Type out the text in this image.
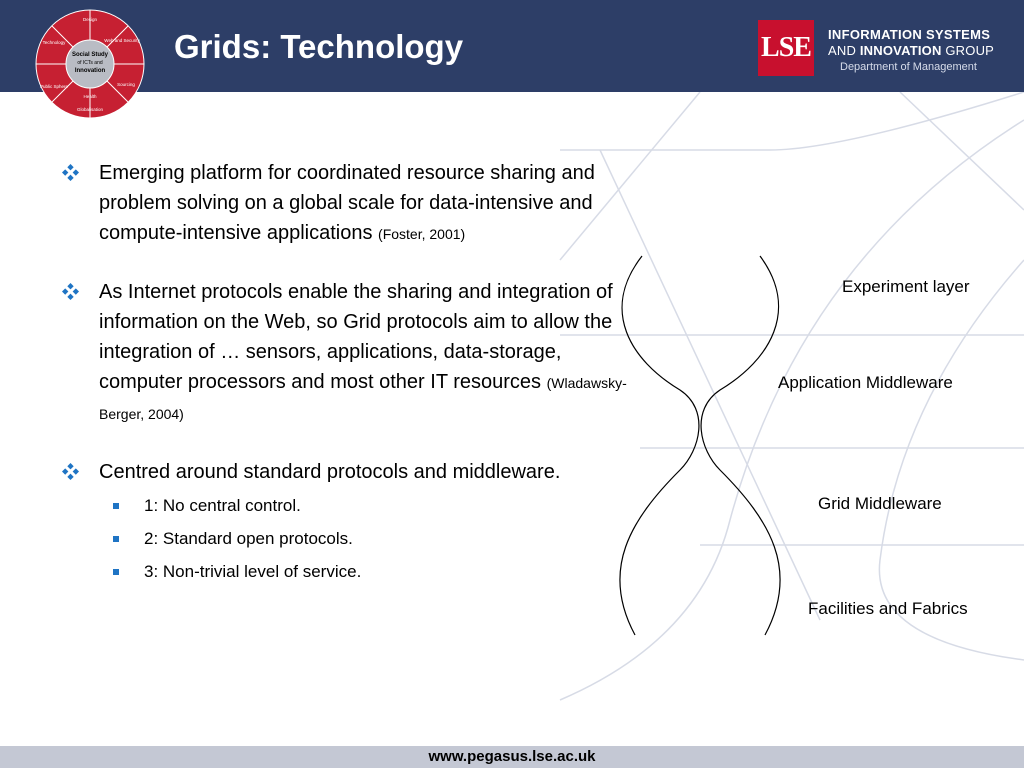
Social Study
of ICTs and
Innovation
Design
Web and Security
Sourcing
Globalisation
Public Sphere
Technology
Health
Grids: Technology	LSE INFORMATION SYSTEMS
AND INNOVATION GROUP
Department of Management
Emerging platform for coordinated resource sharing and problem solving on a global scale for data-intensive and compute-intensive applications (Foster, 2001)
As Internet protocols enable the sharing and integration of information on the Web, so Grid protocols aim to allow the integration of … sensors, applications, data-storage, computer processors and most other IT resources (Wladawsky-Berger, 2004)
Centred around standard protocols and middleware.
1: No central control.
2: Standard open protocols.
3: Non-trivial level of service.
Experiment layer
Application Middleware
Grid Middleware
Facilities and Fabrics
www.pegasus.lse.ac.uk
